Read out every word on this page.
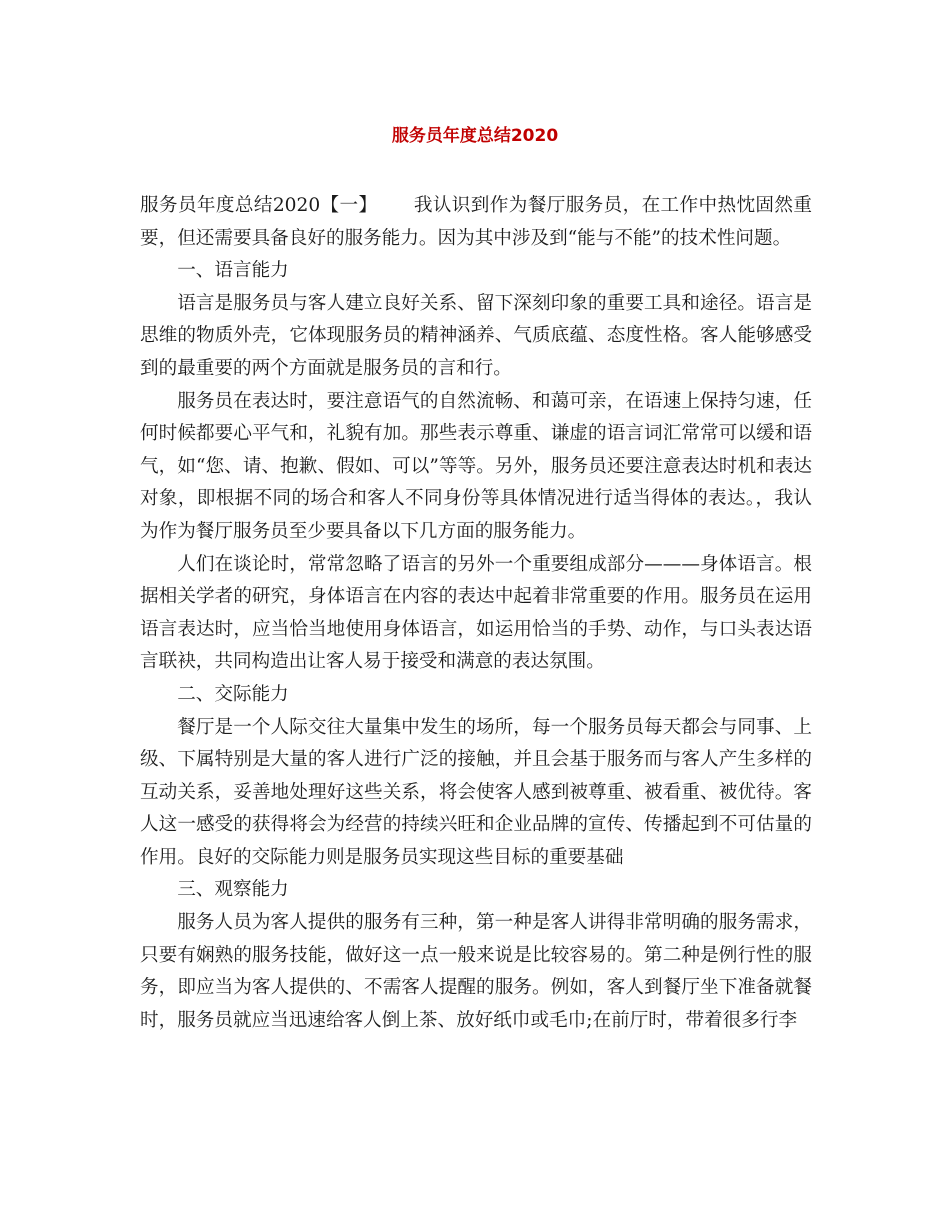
服务员年度总结2020

服务员年度总结2020【一】 我认识到作为餐厅服务员，在工作中热忱固然重要，但还需要具备良好的服务能力。因为其中涉及到“能与不能”的技术性问题。

一、语言能力

语言是服务员与客人建立良好关系、留下深刻印象的重要工具和途径。语言是思维的物质外壳，它体现服务员的精神涵养、气质底蕴、态度性格。客人能够感受到的最重要的两个方面就是服务员的言和行。

服务员在表达时，要注意语气的自然流畅、和蔼可亲，在语速上保持匀速，任何时候都要心平气和，礼貌有加。那些表示尊重、谦虚的语言词汇常常可以缓和语气，如“您、请、抱歉、假如、可以”等等。另外，服务员还要注意表达时机和表达对象，即根据不同的场合和客人不同身份等具体情况进行适当得体的表达。，我认为作为餐厅服务员至少要具备以下几方面的服务能力。

人们在谈论时，常常忽略了语言的另外一个重要组成部分———身体语言。根据相关学者的研究，身体语言在内容的表达中起着非常重要的作用。服务员在运用语言表达时，应当恰当地使用身体语言，如运用恰当的手势、动作，与口头表达语言联袂，共同构造出让客人易于接受和满意的表达氛围。

二、交际能力

餐厅是一个人际交往大量集中发生的场所，每一个服务员每天都会与同事、上级、下属特别是大量的客人进行广泛的接触，并且会基于服务而与客人产生多样的互动关系，妥善地处理好这些关系，将会使客人感到被尊重、被看重、被优待。客人这一感受的获得将会为经营的持续兴旺和企业品牌的宣传、传播起到不可估量的作用。良好的交际能力则是服务员实现这些目标的重要基础

三、观察能力

服务人员为客人提供的服务有三种，第一种是客人讲得非常明确的服务需求，只要有娴熟的服务技能，做好这一点一般来说是比较容易的。第二种是例行性的服务，即应当为客人提供的、不需客人提醒的服务。例如，客人到餐厅坐下准备就餐时，服务员就应当迅速给客人倒上茶、放好纸巾或毛巾;在前厅时，带着很多行李
